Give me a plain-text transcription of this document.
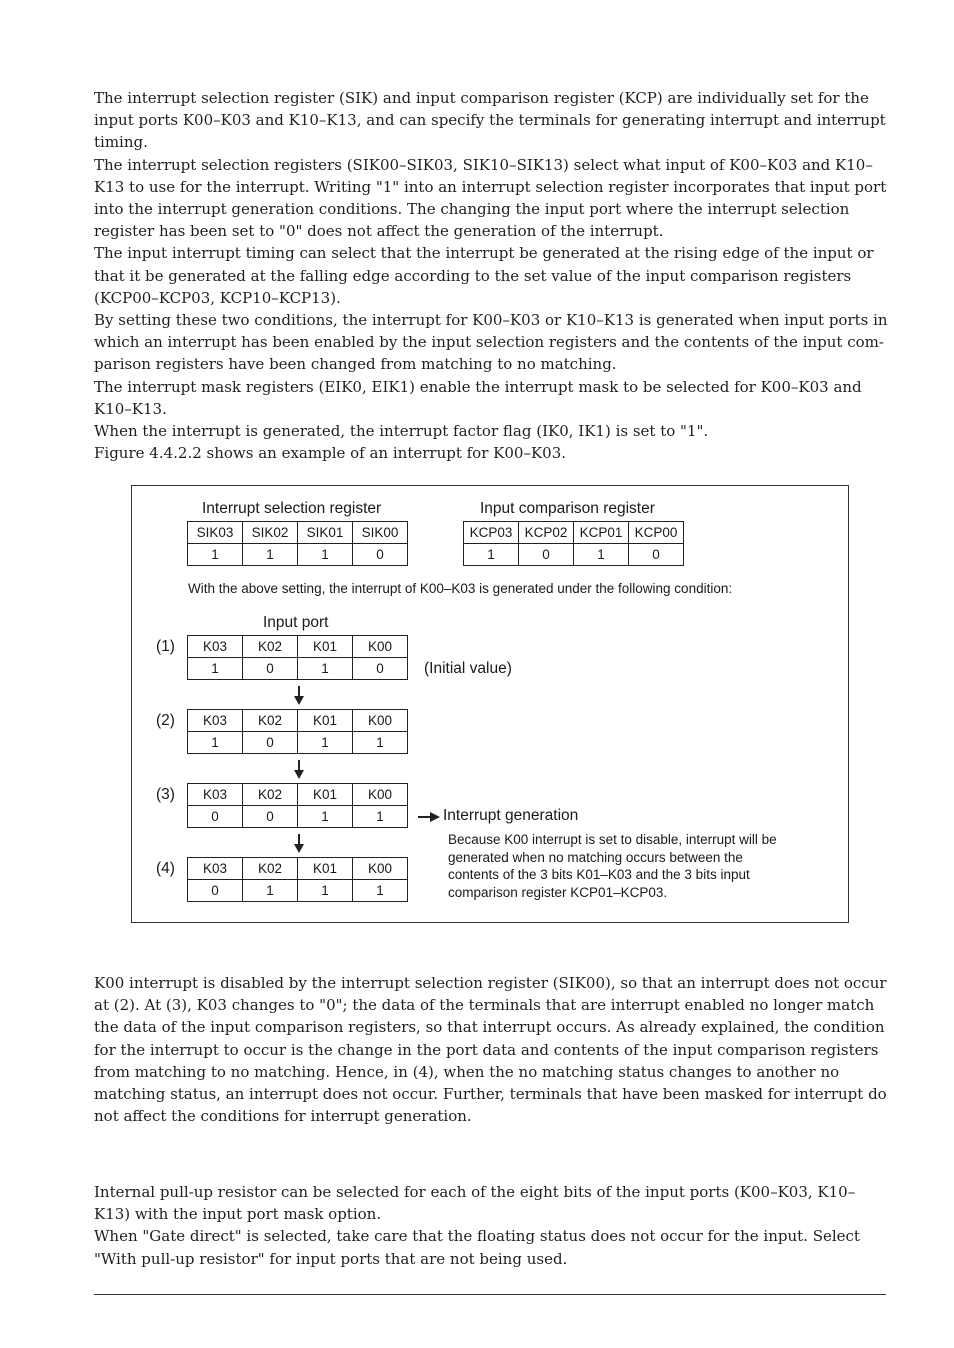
The interrupt selection register (SIK) and input comparison register (KCP) are individually set for the input ports K00–K03 and K10–K13, and can specify the terminals for generating interrupt and interrupt timing.

The interrupt selection registers (SIK00–SIK03, SIK10–SIK13) select what input of K00–K03 and K10–K13 to use for the interrupt. Writing "1" into an interrupt selection register incorporates that input port into the interrupt generation conditions. The changing the input port where the interrupt selection register has been set to "0" does not affect the generation of the interrupt.

The input interrupt timing can select that the interrupt be generated at the rising edge of the input or that it be generated at the falling edge according to the set value of the input comparison registers (KCP00–KCP03, KCP10–KCP13).

By setting these two conditions, the interrupt for K00–K03 or K10–K13 is generated when input ports in which an interrupt has been enabled by the input selection registers and the contents of the input com-parison registers have been changed from matching to no matching.

The interrupt mask registers (EIK0, EIK1) enable the interrupt mask to be selected for K00–K03 and K10–K13.

When the interrupt is generated, the interrupt factor flag (IK0, IK1) is set to "1".

Figure 4.4.2.2 shows an example of an interrupt for K00–K03.

Interrupt selection register
SIK03	SIK02	SIK01	SIK00
1	1	1	0
Input comparison register
KCP03	KCP02	KCP01	KCP00
1	0	1	0
With the above setting, the interrupt of K00–K03 is generated under the following condition:
Input port
(1) K03	K02	K01	K00
1	0	1	0	(Initial value)
(2) K03	K02	K01	K00
1	0	1	1
(3) K03	K02	K01	K00
0	0	1	1	Interrupt generation
Because K00 interrupt is set to disable, interrupt will be
generated when no matching occurs between the
contents of the 3 bits K01–K03 and the 3 bits input
comparison register KCP01–KCP03.
(4) K03	K02	K01	K00
0	1	1	1

K00 interrupt is disabled by the interrupt selection register (SIK00), so that an interrupt does not occur at (2). At (3), K03 changes to "0"; the data of the terminals that are interrupt enabled no longer match the data of the input comparison registers, so that interrupt occurs. As already explained, the condition for the interrupt to occur is the change in the port data and contents of the input comparison registers from matching to no matching. Hence, in (4), when the no matching status changes to another no matching status, an interrupt does not occur. Further, terminals that have been masked for interrupt do not affect the conditions for interrupt generation.

Internal pull-up resistor can be selected for each of the eight bits of the input ports (K00–K03, K10–K13) with the input port mask option.

When "Gate direct" is selected, take care that the floating status does not occur for the input. Select "With pull-up resistor" for input ports that are not being used.
